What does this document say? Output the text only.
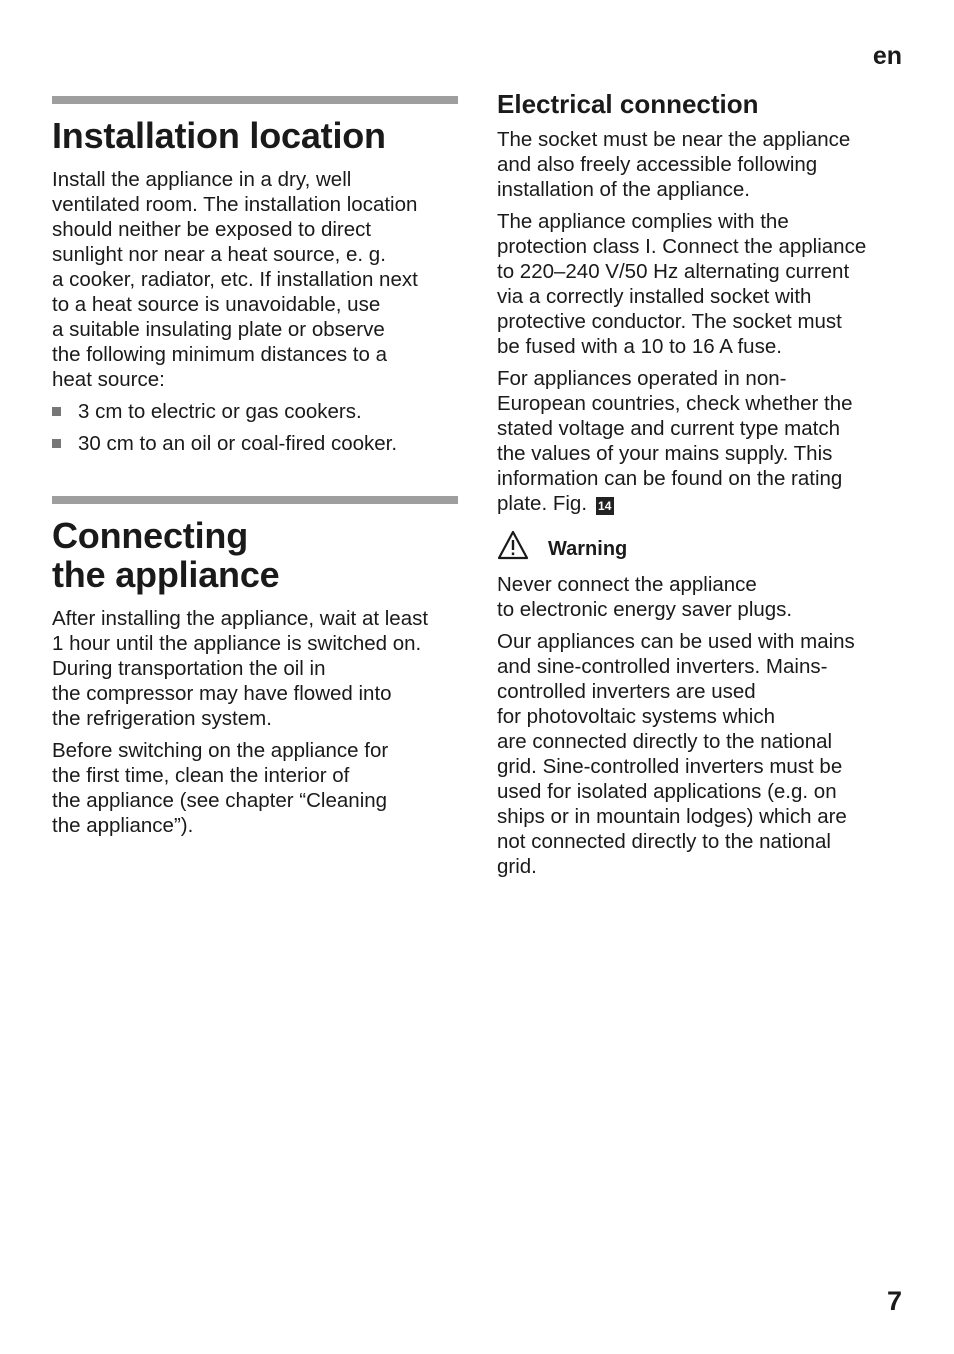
en
Installation location

Install the appliance in a dry, well
ventilated room. The installation location
should neither be exposed to direct
sunlight nor near a heat source, e. g.
a cooker, radiator, etc. If installation next
to a heat source is unavoidable, use
a suitable insulating plate or observe
the following minimum distances to a
heat source:

3 cm to electric or gas cookers.
30 cm to an oil or coal-fired cooker.
Connecting
the appliance

After installing the appliance, wait at least
1 hour until the appliance is switched on.
During transportation the oil in
the compressor may have flowed into
the refrigeration system.

Before switching on the appliance for
the first time, clean the interior of
the appliance (see chapter “Cleaning
the appliance”).

Electrical connection

The socket must be near the appliance
and also freely accessible following
installation of the appliance.

The appliance complies with the
protection class I. Connect the appliance
to 220–240 V/50 Hz alternating current
via a correctly installed socket with
protective conductor. The socket must
be fused with a 10 to 16 A fuse.

For appliances operated in non-
European countries, check whether the
stated voltage and current type match
the values of your mains supply. This
information can be found on the rating
plate. Fig. 14

Warning

Never connect the appliance
to electronic energy saver plugs.

Our appliances can be used with mains
and sine-controlled inverters. Mains-
controlled inverters are used
for photovoltaic systems which
are connected directly to the national
grid. Sine-controlled inverters must be
used for isolated applications (e.g. on
ships or in mountain lodges) which are
not connected directly to the national
grid.

7
